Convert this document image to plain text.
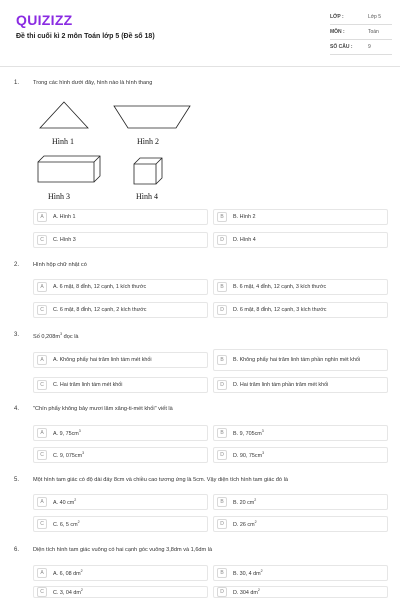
QUIZIZZ
Đề thi cuối kì 2 môn Toán lớp 5 (Đề số 18)
LỚP :	Lớp 5
MÔN :	Toán
SỐ CÂU :	9
1. Trong các hình dưới đây, hình nào là hình thang
Hình 1	Hình 2
Hình 3	Hình 4
A	A. Hình 1	B	B. Hình 2
C	C. Hình 3	D	D. Hình 4
2. Hình hộp chữ nhật có
A	A. 6 mặt, 8 đỉnh, 12 cạnh, 1 kích thước	B	B. 6 mặt, 4 đỉnh, 12 cạnh, 3 kích thước
C	C. 6 mặt, 8 đỉnh, 12 cạnh, 2 kích thước	D	D. 6 mặt, 8 đỉnh, 12 cạnh, 3 kích thước
3. Số $0,208m^3$ đọc là
A	A. Không phẩy hai trăm linh tám mét khối	B	B. Không phẩy hai trăm linh tám phần nghìn mét khối
C	C. Hai trăm linh tám mét khối	D	D. Hai trăm linh tám phần trăm mét khối
4. "Chín phẩy không bảy mươi lăm xăng-ti-mét khối" viết là
A	A. 9, $75cm^3$	B	B. 9, $705cm^3$
C	C. 9, $075cm^3$	D	D. 90, $75cm^3$
5. Một hình tam giác có độ dài đáy 8cm và chiều cao tương ứng là 5cm. Vậy diện tích hình tam giác đó là
A	A. 40 $cm^2$	B	B. 20 $cm^2$
C	C. 6, 5 $cm^2$	D	D. 26 $cm^2$
6. Diện tích hình tam giác vuông có hai cạnh góc vuông 3,8dm và 1,6dm là
A	A. 6, 08 $dm^2$	B	B. 30, 4 $dm^2$
C	C. 3, 04 $dm^2$	D	D. 304 $dm^2$
